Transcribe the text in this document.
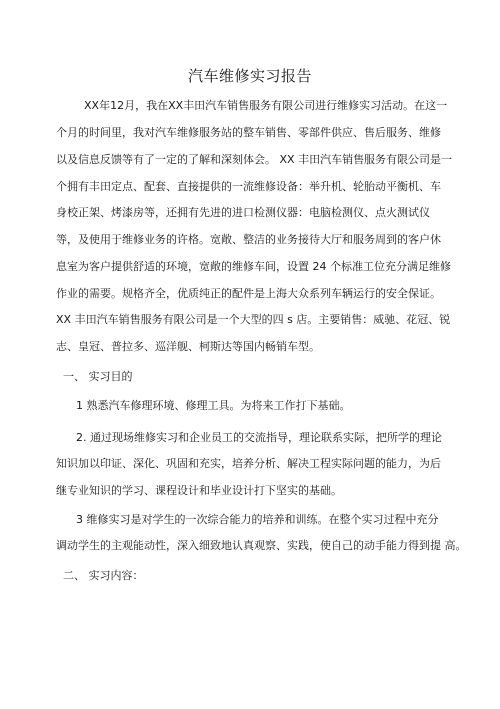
汽车维修实习报告
XX年12月，我在XX丰田汽车销售服务有限公司进行维修实习活动。在这一
个月的时间里，我对汽车维修服务站的整车销售、零部件供应、售后服务、维修
以及信息反馈等有了一定的了解和深刻体会。 XX 丰田汽车销售服务有限公司是一
个拥有丰田定点、配套、直接提供的一流维修设备：举升机、轮胎动平衡机、车
身校正架、烤漆房等，还拥有先进的进口检测仪器：电脑检测仪、点火测试仪
等，及使用于维修业务的许格。宽敞、整洁的业务接待大厅和服务周到的客户休
息室为客户提供舒适的环境，宽敞的维修车间，设置 24 个标准工位充分满足维修
作业的需要。规格齐全，优质纯正的配件是上海大众系列车辆运行的安全保证。
XX 丰田汽车销售服务有限公司是一个大型的四 s 店。主要销售：威驰、花冠、锐
志、皇冠、普拉多、巡洋舰、柯斯达等国内畅销车型。
一、 实习目的
1 熟悉汽车修理环境、修理工具。为将来工作打下基础。
2. 通过现场维修实习和企业员工的交流指导，理论联系实际，把所学的理论
知识加以印证、深化、巩固和充实，培养分析、解决工程实际问题的能力，为后
继专业知识的学习、课程设计和毕业设计打下坚实的基础。
3 维修实习是对学生的一次综合能力的培养和训练。在整个实习过程中充分
调动学生的主观能动性，深入细致地认真观察、实践，使自己的动手能力得到提 高。
二、 实习内容：
